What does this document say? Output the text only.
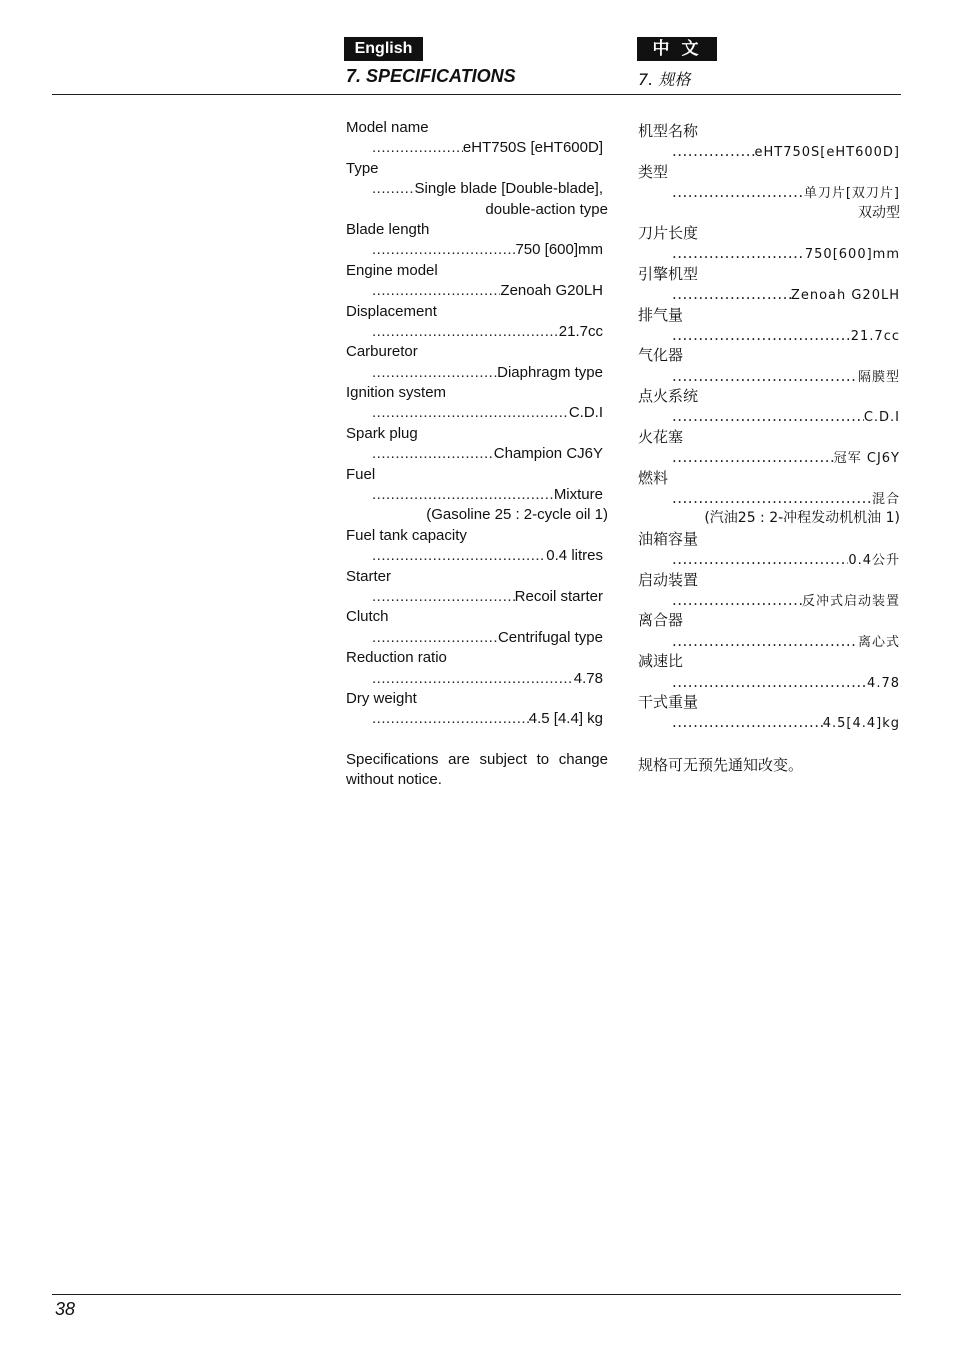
English	中 文
7. SPECIFICATIONS	7. 规格
Model name
.....
eHT750S [eHT600D]
Type
.....
Single blade [Double-blade],
double-action type
Blade length
.....
750 [600]mm
Engine model
.....
Zenoah G20LH
Displacement
.....
21.7cc
Carburetor
.....
Diaphragm type
Ignition system
.....
C.D.I
Spark plug
.....
Champion CJ6Y
Fuel
.....
Mixture
(Gasoline 25 : 2-cycle oil 1)
Fuel tank capacity
.....
0.4 litres
Starter
.....
Recoil starter
Clutch
.....
Centrifugal type
Reduction ratio
.....
4.78
Dry weight
.....
4.5 [4.4] kg
Specifications are subject to change without notice.
机型名称
.....
eHT750S[eHT600D]
类型
.....
单刀片[双刀片]
双动型
刀片长度
.....
750[600]mm
引擎机型
.....
Zenoah G20LH
排气量
.....
21.7cc
气化器
.....
隔膜型
点火系统
.....
C.D.I
火花塞
.....
冠军 CJ6Y
燃料
.....
混合
(汽油25 : 2-冲程发动机机油 1)
油箱容量
.....
0.4公升
启动装置
.....
反冲式启动装置
离合器
.....
离心式
减速比
.....
4.78
干式重量
.....
4.5[4.4]kg
规格可无预先通知改变。
38
